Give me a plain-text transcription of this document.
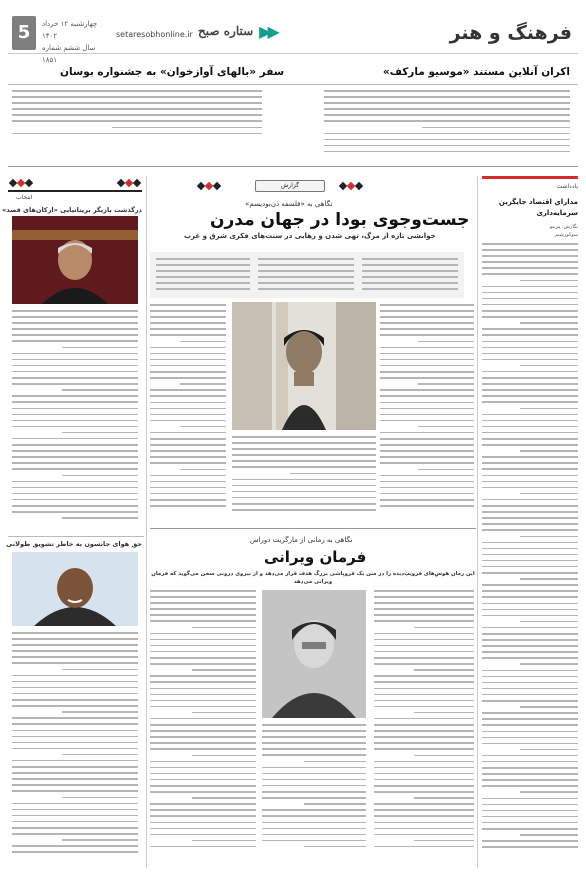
فرهنگ و هنر
ستاره صبح ▶▶
setaresobhonline.ir
چهارشنبه ۱۲ خرداد ۱۴۰۲
سال ششم شماره ۱۸۵۱
5
اکران آنلاین مستند «موسیو مارکف»
سفر «بالهای آوازخوان» به جشنواره بوسان
یادداشت
مداراي اقتصاد جایگزین سرمایه‌داری
نگارش: مزمو
سوکورشیم
گزارش
نگاهی به «فلسفه ذن‌بودیسم»
جست‌وجوی بودا در جهان مدرن
خوانشی تازه از مرگ، تهی شدن و رهایی در سنت‌های فکری شرق و غرب
انتخاب
درگذشت بازیگر بریتانیایی «ارکان‌های قصد»
حق هوای جانسون به خاطر تشویق طولانی	نگاهی به رمانی از مارگریت دوراس
فرمان ویرانی
این رمان هوسِ‌های فرویتِ‌دیده را در متن یک فروپاشی بزرگ هدف قرار می‌دهد و از نیروی درونی سخن می‌گوید که فرمان ویرانی می‌دهد
